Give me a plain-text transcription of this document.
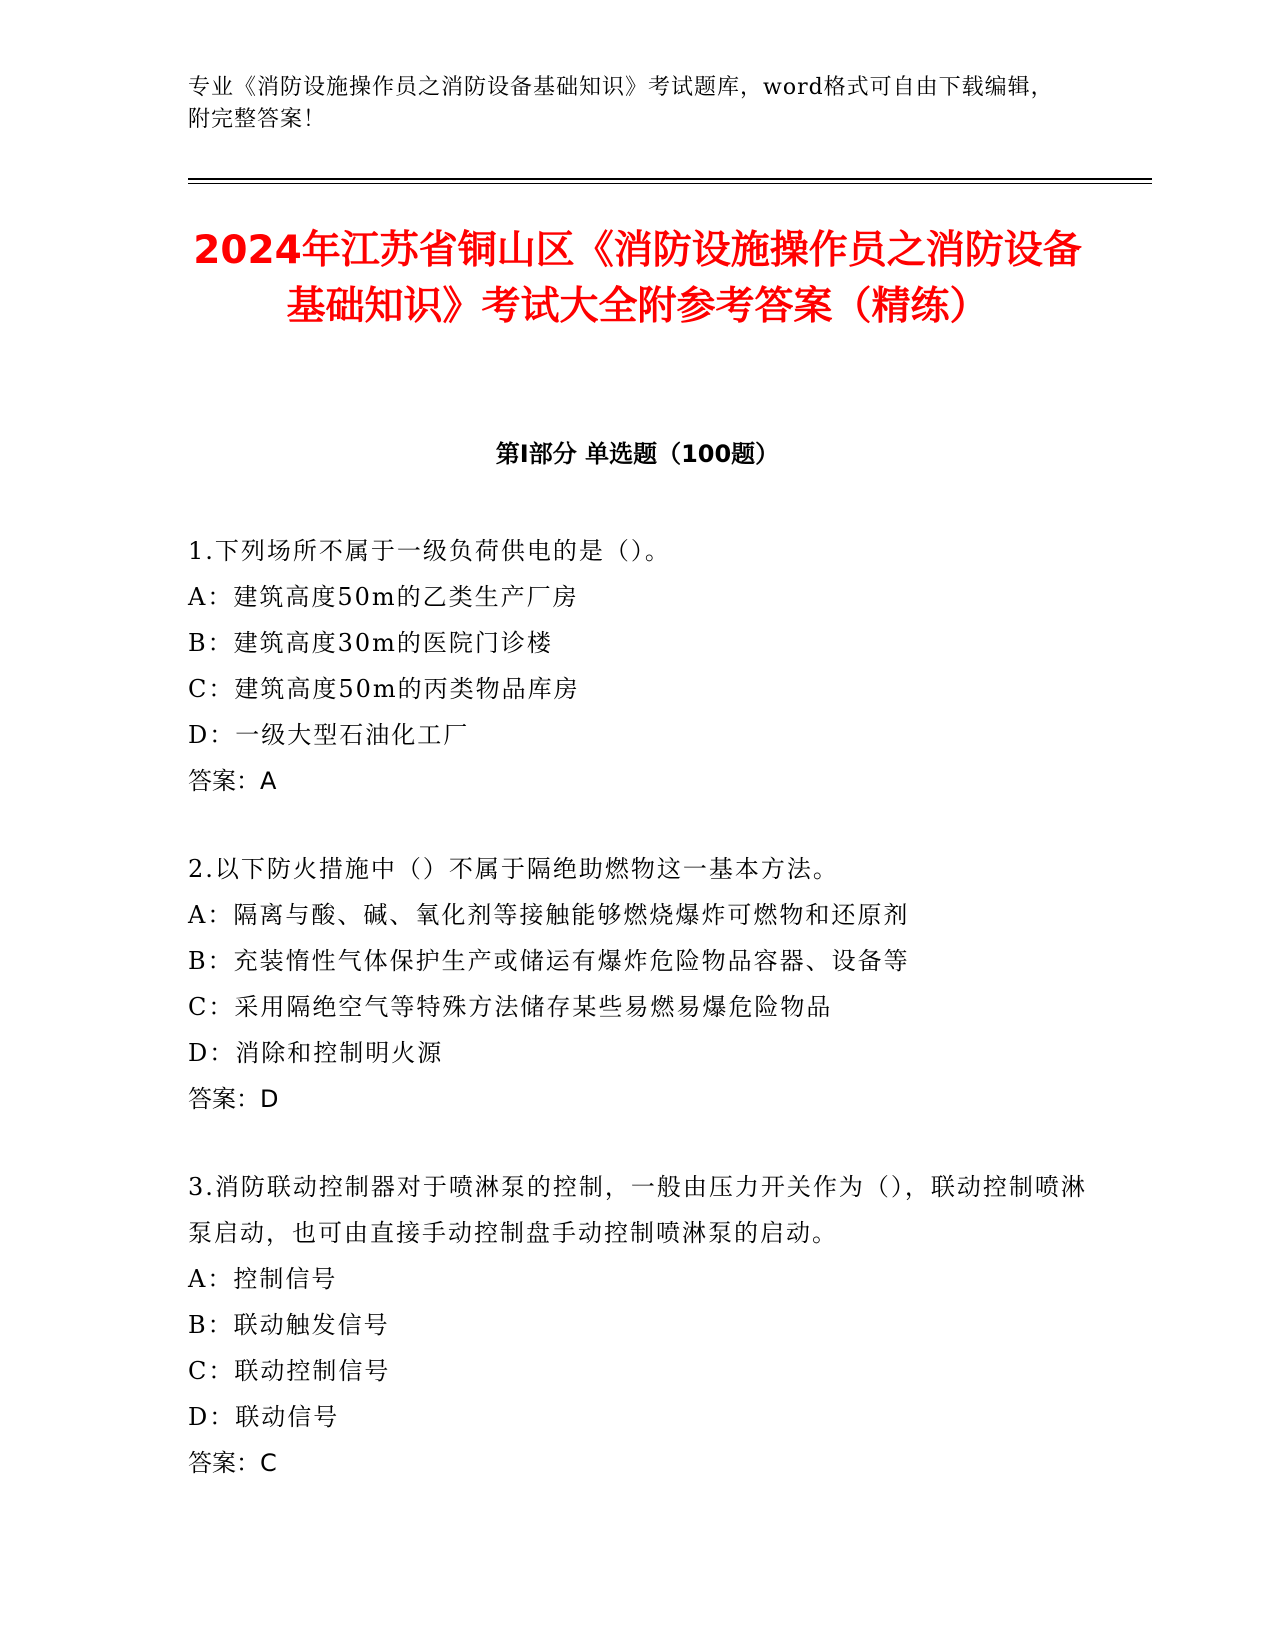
专业《消防设施操作员之消防设备基础知识》考试题库，word格式可自由下载编辑，附完整答案！

2024年江苏省铜山区《消防设施操作员之消防设备基础知识》考试大全附参考答案（精练）
第Ⅰ部分 单选题（100题）

1.下列场所不属于一级负荷供电的是（）。

A：建筑高度50m的乙类生产厂房

B：建筑高度30m的医院门诊楼

C：建筑高度50m的丙类物品库房

D：一级大型石油化工厂

答案：A

2.以下防火措施中（）不属于隔绝助燃物这一基本方法。

A：隔离与酸、碱、氧化剂等接触能够燃烧爆炸可燃物和还原剂

B：充装惰性气体保护生产或储运有爆炸危险物品容器、设备等

C：采用隔绝空气等特殊方法储存某些易燃易爆危险物品

D：消除和控制明火源

答案：D

3.消防联动控制器对于喷淋泵的控制，一般由压力开关作为（），联动控制喷淋泵启动，也可由直接手动控制盘手动控制喷淋泵的启动。

A：控制信号

B：联动触发信号

C：联动控制信号

D：联动信号

答案：C
